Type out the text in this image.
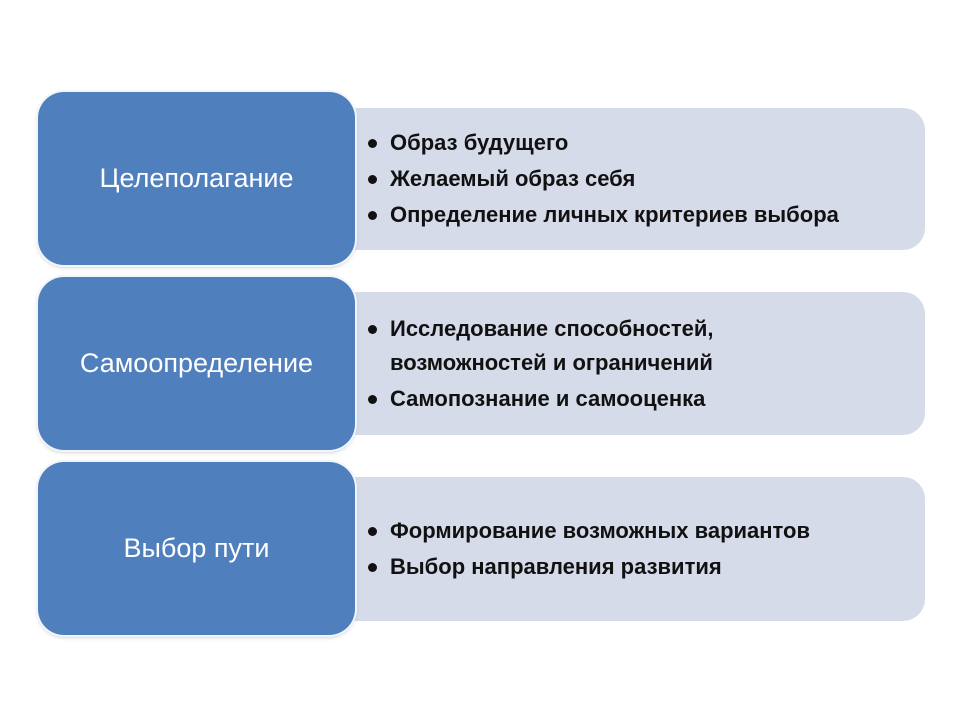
Образ будущего
Желаемый образ себя
Определение личных критериев выбора
Целеполагание
Исследование способностей,
возможностей и ограничений
Самопознание и самооценка
Самоопределение
Формирование возможных вариантов
Выбор направления развития
Выбор пути
